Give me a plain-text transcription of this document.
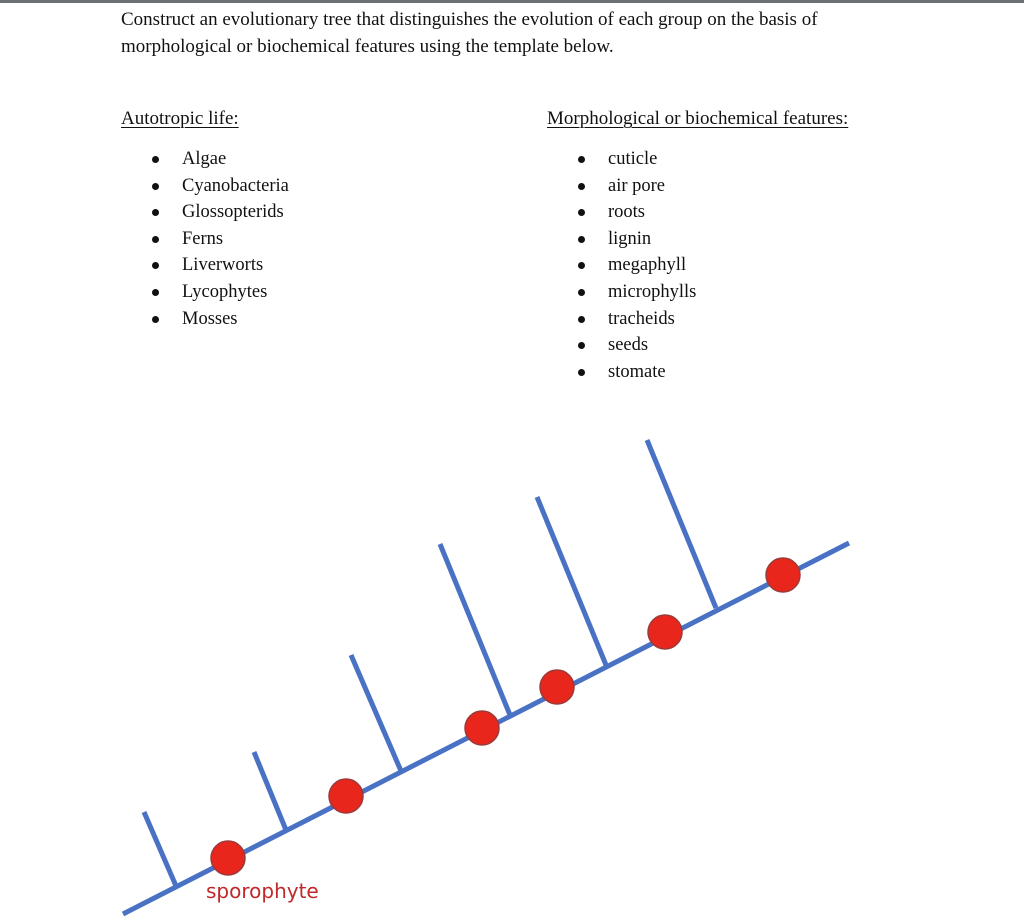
Construct an evolutionary tree that distinguishes the evolution of each group on the basis of morphological or biochemical features using the template below.
Autotropic life:	Morphological or biochemical features:
Algae
Cyanobacteria
Glossopterids
Ferns
Liverworts
Lycophytes
Mosses
cuticle
air pore
roots
lignin
megaphyll
microphylls
tracheids
seeds
stomate
sporophyte
